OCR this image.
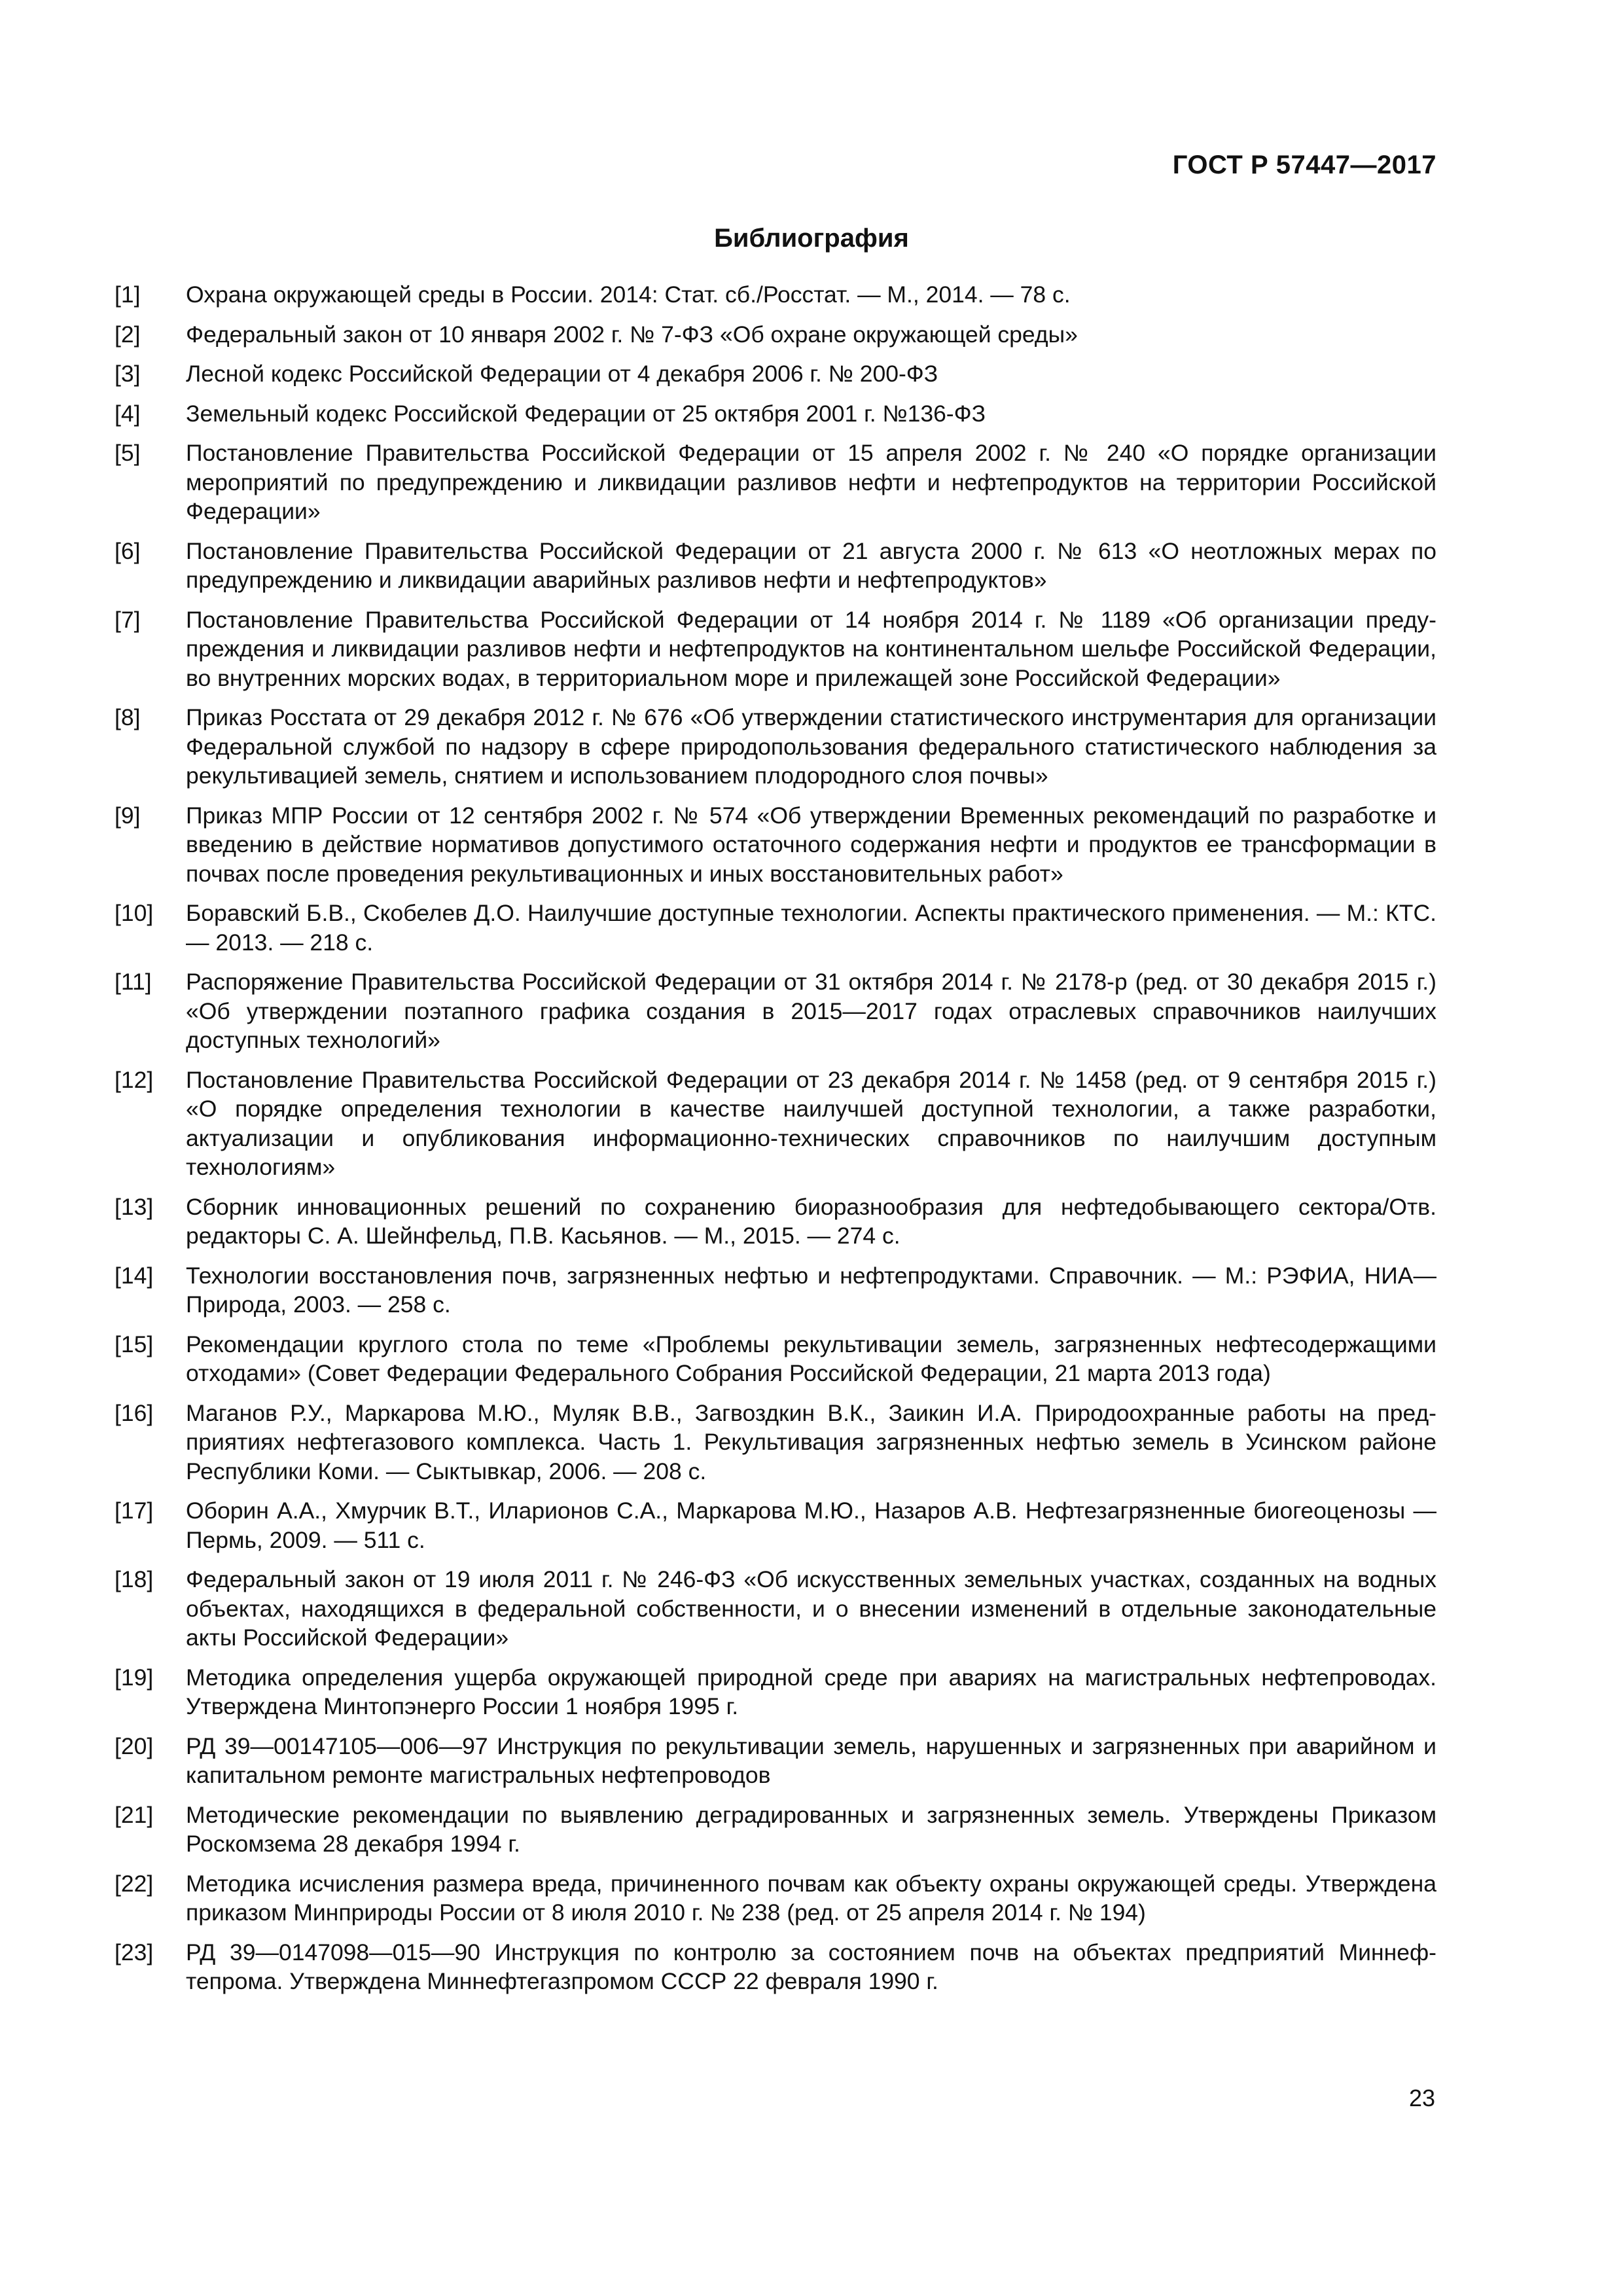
ГОСТ Р 57447—2017
Библиография
[1]	Охрана окружающей среды в России. 2014: Стат. сб./Росстат. — М., 2014. — 78 с.
[2]	Федеральный закон от 10 января 2002 г. № 7-ФЗ «Об охране окружающей среды»
[3]	Лесной кодекс Российской Федерации от 4 декабря 2006 г. № 200-ФЗ
[4]	Земельный кодекс Российской Федерации от 25 октября 2001 г. №136-ФЗ
[5]	Постановление Правительства Российской Федерации от 15 апреля 2002 г. № 240 «О порядке организации мероприятий по предупреждению и ликвидации разливов нефти и нефтепродуктов на территории Российской Федерации»
[6]	Постановление Правительства Российской Федерации от 21 августа 2000 г. № 613 «О неотложных мерах по предупреждению и ликвидации аварийных разливов нефти и нефтепродуктов»
[7]	Постановление Правительства Российской Федерации от 14 ноября 2014 г. № 1189 «Об организации предупреждения и ликвидации разливов нефти и нефтепродуктов на континентальном шельфе Российской Федерации, во внутренних морских водах, в территориальном море и прилежащей зоне Российской Федерации»
[8]	Приказ Росстата от 29 декабря 2012 г. № 676 «Об утверждении статистического инструментария для организации Федеральной службой по надзору в сфере природопользования федерального статистического наблюдения за рекультивацией земель, снятием и использованием плодородного слоя почвы»
[9]	Приказ МПР России от 12 сентября 2002 г. № 574 «Об утверждении Временных рекомендаций по разработке и введению в действие нормативов допустимого остаточного содержания нефти и продуктов ее трансформации в почвах после проведения рекультивационных и иных восстановительных работ»
[10]	Боравский Б.В., Скобелев Д.О. Наилучшие доступные технологии. Аспекты практического применения. — М.: КТС. — 2013. — 218 с.
[11]	Распоряжение Правительства Российской Федерации от 31 октября 2014 г. № 2178-р (ред. от 30 декабря 2015 г.) «Об утверждении поэтапного графика создания в 2015—2017 годах отраслевых справочников наилучших доступных технологий»
[12]	Постановление Правительства Российской Федерации от 23 декабря 2014 г. № 1458 (ред. от 9 сентября 2015 г.) «О порядке определения технологии в качестве наилучшей доступной технологии, а также разработки, актуализации и опубликования информационно-технических справочников по наилучшим доступным технологиям»
[13]	Сборник инновационных решений по сохранению биоразнообразия для нефтедобывающего сектора/Отв. редакторы С. А. Шейнфельд, П.В. Касьянов. — М., 2015. — 274 с.
[14]	Технологии восстановления почв, загрязненных нефтью и нефтепродуктами. Справочник. — М.: РЭФИА, НИА—Природа, 2003. — 258 с.
[15]	Рекомендации круглого стола по теме «Проблемы рекультивации земель, загрязненных нефтесодержащими отходами» (Совет Федерации Федерального Собрания Российской Федерации, 21 марта 2013 года)
[16]	Маганов Р.У., Маркарова М.Ю., Муляк В.В., Загвоздкин В.К., Заикин И.А. Природоохранные работы на предприятиях нефтегазового комплекса. Часть 1. Рекультивация загрязненных нефтью земель в Усинском районе Республики Коми. — Сыктывкар, 2006. — 208 с.
[17]	Оборин А.А., Хмурчик В.Т., Иларионов С.А., Маркарова М.Ю., Назаров А.В. Нефтезагрязненные биогеоценозы — Пермь, 2009. — 511 с.
[18]	Федеральный закон от 19 июля 2011 г. № 246-ФЗ «Об искусственных земельных участках, созданных на водных объектах, находящихся в федеральной собственности, и о внесении изменений в отдельные законодательные акты Российской Федерации»
[19]	Методика определения ущерба окружающей природной среде при авариях на магистральных нефтепроводах. Утверждена Минтопэнерго России 1 ноября 1995 г.
[20]	РД 39—00147105—006—97 Инструкция по рекультивации земель, нарушенных и загрязненных при аварийном и капитальном ремонте магистральных нефтепроводов
[21]	Методические рекомендации по выявлению деградированных и загрязненных земель. Утверждены Приказом Роскомзема 28 декабря 1994 г.
[22]	Методика исчисления размера вреда, причиненного почвам как объекту охраны окружающей среды. Утверждена приказом Минприроды России от 8 июля 2010 г. № 238 (ред. от 25 апреля 2014 г. № 194)
[23]	РД 39—0147098—015—90 Инструкция по контролю за состоянием почв на объектах предприятий Миннефтепрома. Утверждена Миннефтегазпромом СССР 22 февраля 1990 г.
23
